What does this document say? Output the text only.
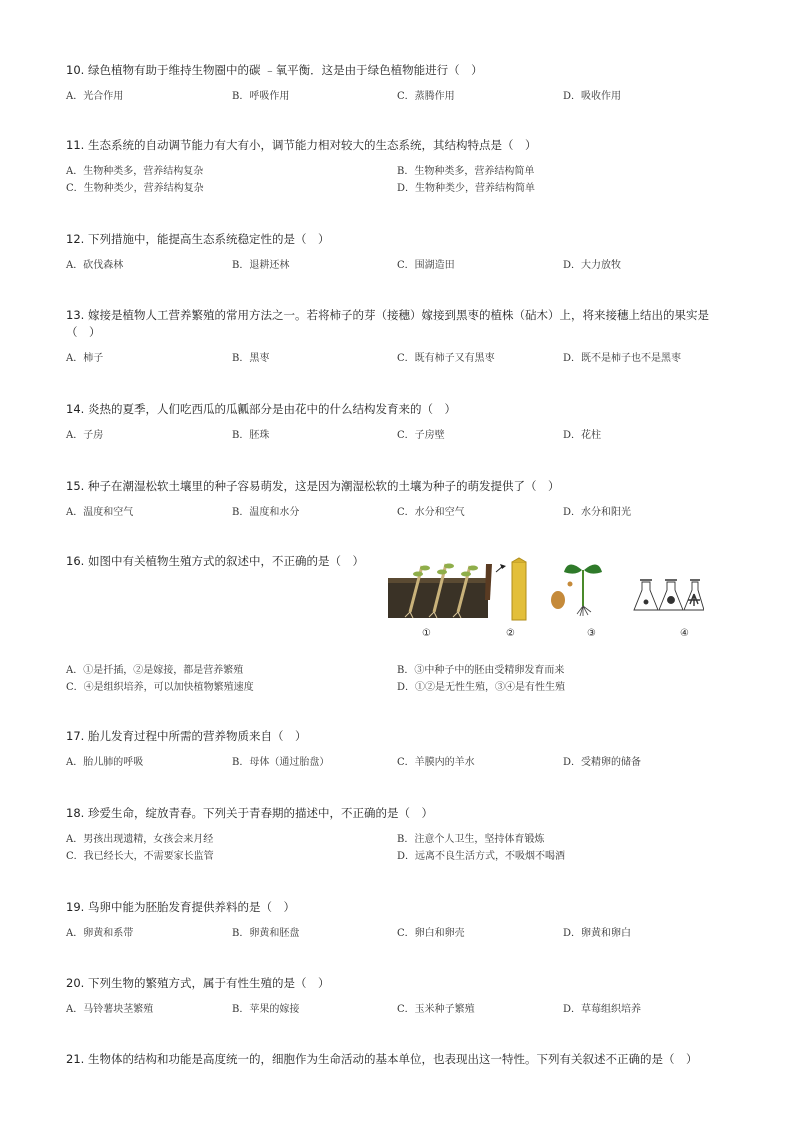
10. 绿色植物有助于维持生物圈中的碳 ﹣氧平衡．这是由于绿色植物能进行（　）
A．光合作用	B．呼吸作用	C．蒸腾作用	D．吸收作用
11. 生态系统的自动调节能力有大有小，调节能力相对较大的生态系统，其结构特点是（　）
A．生物种类多，营养结构复杂	B．生物种类多，营养结构简单
C．生物种类少，营养结构复杂	D．生物种类少，营养结构简单
12. 下列措施中，能提高生态系统稳定性的是（　）
A．砍伐森林	B．退耕还林	C．围湖造田	D．大力放牧
13. 嫁接是植物人工营养繁殖的常用方法之一。若将柿子的芽（接穗）嫁接到黑枣的植株（砧木）上，将来接穗上结出的果实是（　）
A．柿子	B．黑枣	C．既有柿子又有黑枣	D．既不是柿子也不是黑枣
14. 炎热的夏季，人们吃西瓜的瓜瓤部分是由花中的什么结构发育来的（　）
A．子房	B．胚珠	C．子房壁	D．花柱
15. 种子在潮湿松软土壤里的种子容易萌发，这是因为潮湿松软的土壤为种子的萌发提供了（　）
A．温度和空气	B．温度和水分	C．水分和空气	D．水分和阳光
16. 如图中有关植物生殖方式的叙述中，不正确的是（　）
A．①是扦插，②是嫁接，都是营养繁殖	B．③中种子中的胚由受精卵发育而来
C．④是组织培养，可以加快植物繁殖速度	D．①②是无性生殖，③④是有性生殖
①	②	③	④
17. 胎儿发育过程中所需的营养物质来自（　）
A．胎儿肺的呼吸	B．母体（通过胎盘）	C．羊膜内的羊水	D．受精卵的储备
18. 珍爱生命，绽放青春。下列关于青春期的描述中，不正确的是（　）
A．男孩出现遗精，女孩会来月经	B．注意个人卫生，坚持体育锻炼
C．我已经长大，不需要家长监管	D．远离不良生活方式，不吸烟不喝酒
19. 鸟卵中能为胚胎发育提供养料的是（　）
A．卵黄和系带	B．卵黄和胚盘	C．卵白和卵壳	D．卵黄和卵白
20. 下列生物的繁殖方式，属于有性生殖的是（　）
A．马铃薯块茎繁殖	B．苹果的嫁接	C．玉米种子繁殖	D．草莓组织培养
21. 生物体的结构和功能是高度统一的，细胞作为生命活动的基本单位，也表现出这一特性。下列有关叙述不正确的是（　）
